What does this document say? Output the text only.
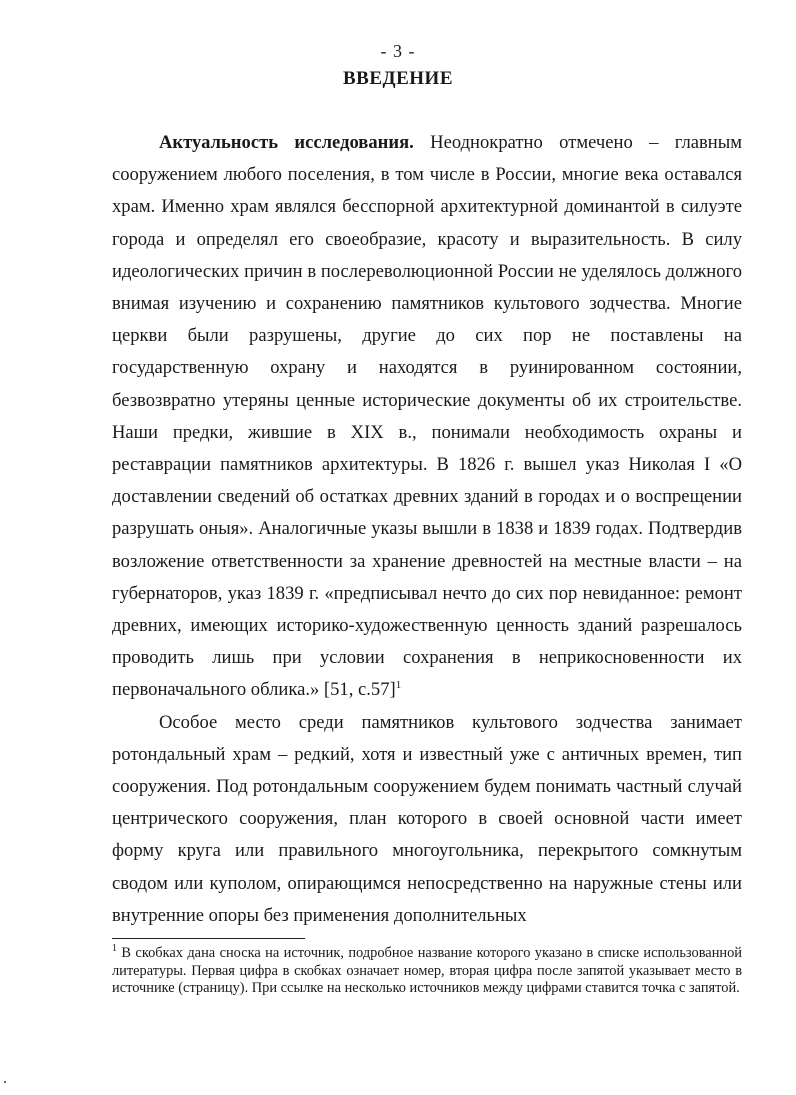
- 3 -
ВВЕДЕНИЕ

Актуальность исследования. Неоднократно отмечено – главным сооружением любого поселения, в том числе в России, многие века оставался храм. Именно храм являлся бесспорной архитектурной доминантой в силуэте города и определял его своеобразие, красоту и выразительность. В силу идеологических причин в послереволюционной России не уделялось должного внимая изучению и сохранению памятников культового зодчества. Многие церкви были разрушены, другие до сих пор не поставлены на государственную охрану и находятся в руинированном состоянии, безвозвратно утеряны ценные исторические документы об их строительстве. Наши предки, жившие в XIX в., понимали необходимость охраны и реставрации памятников архитектуры. В 1826 г. вышел указ Николая I «О доставлении сведений об остатках древних зданий в городах и о воспрещении разрушать оныя». Аналогичные указы вышли в 1838 и 1839 годах. Подтвердив возложение ответственности за хранение древностей на местные власти – на губернаторов, указ 1839 г. «предписывал нечто до сих пор невиданное: ремонт древних, имеющих историко-художественную ценность зданий разрешалось проводить лишь при условии сохранения в неприкосновенности их первоначального облика.» [51, с.57]$^1$

Особое место среди памятников культового зодчества занимает ротондальный храм – редкий, хотя и известный уже с античных времен, тип сооружения. Под ротондальным сооружением будем понимать частный случай центрического сооружения, план которого в своей основной части имеет форму круга или правильного многоугольника, перекрытого сомкнутым сводом или куполом, опирающимся непосредственно на наружные стены или внутренние опоры без применения дополнительных

$^1$ В скобках дана сноска на источник, подробное название которого указано в списке использованной литературы. Первая цифра в скобках означает номер, вторая цифра после запятой указывает место в источнике (страницу). При ссылке на несколько источников между цифрами ставится точка с запятой.
